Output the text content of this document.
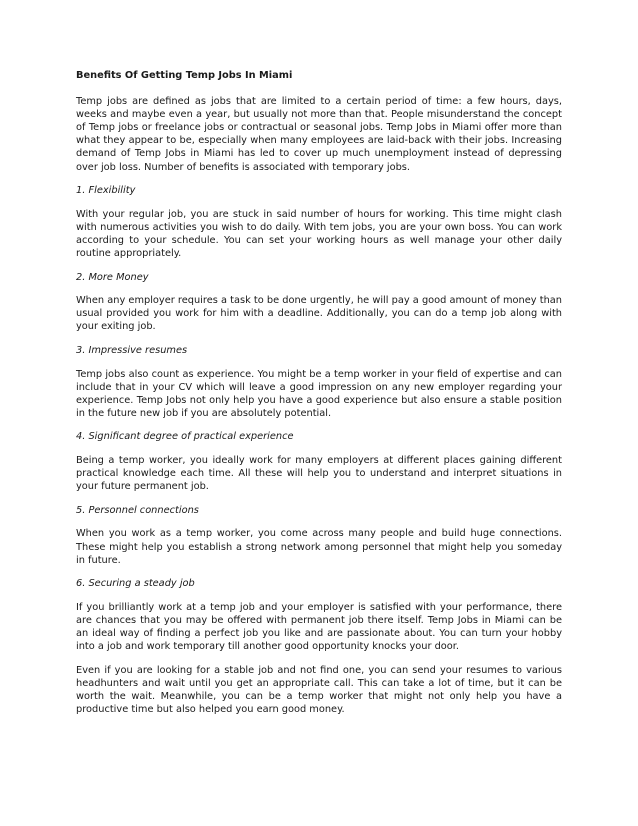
Benefits Of Getting Temp Jobs In Miami

Temp jobs are defined as jobs that are limited to a certain period of time: a few hours, days, weeks and maybe even a year, but usually not more than that. People misunderstand the concept of Temp jobs or freelance jobs or contractual or seasonal jobs. Temp Jobs in Miami offer more than what they appear to be, especially when many employees are laid-back with their jobs. Increasing demand of Temp Jobs in Miami has led to cover up much unemployment instead of depressing over job loss. Number of benefits is associated with temporary jobs.

1. Flexibility

With your regular job, you are stuck in said number of hours for working. This time might clash with numerous activities you wish to do daily. With tem jobs, you are your own boss. You can work according to your schedule. You can set your working hours as well manage your other daily routine appropriately.

2. More Money

When any employer requires a task to be done urgently, he will pay a good amount of money than usual provided you work for him with a deadline. Additionally, you can do a temp job along with your exiting job.

3. Impressive resumes

Temp jobs also count as experience. You might be a temp worker in your field of expertise and can include that in your CV which will leave a good impression on any new employer regarding your experience. Temp Jobs not only help you have a good experience but also ensure a stable position in the future new job if you are absolutely potential.

4. Significant degree of practical experience

Being a temp worker, you ideally work for many employers at different places gaining different practical knowledge each time. All these will help you to understand and interpret situations in your future permanent job.

5. Personnel connections

When you work as a temp worker, you come across many people and build huge connections. These might help you establish a strong network among personnel that might help you someday in future.

6. Securing a steady job

If you brilliantly work at a temp job and your employer is satisfied with your performance, there are chances that you may be offered with permanent job there itself. Temp Jobs in Miami can be an ideal way of finding a perfect job you like and are passionate about. You can turn your hobby into a job and work temporary till another good opportunity knocks your door.

Even if you are looking for a stable job and not find one, you can send your resumes to various headhunters and wait until you get an appropriate call. This can take a lot of time, but it can be worth the wait. Meanwhile, you can be a temp worker that might not only help you have a productive time but also helped you earn good money.
